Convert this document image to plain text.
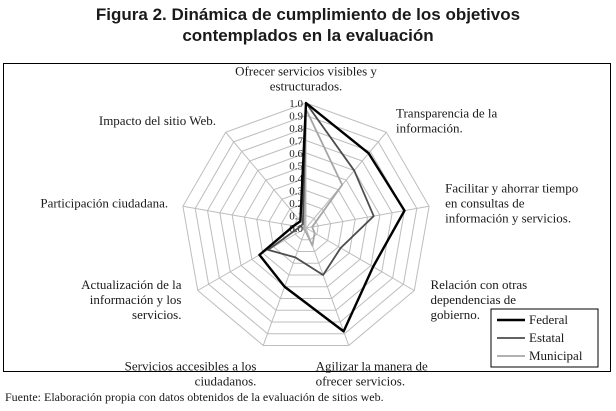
Figura 2. Dinámica de cumplimiento de los objetivos
contemplados en la evaluación
0.0
0.1
0.2
0.3
0.4
0.5
0.6
0.7
0.8
0.9
1.0
Ofrecer servicios visibles y estructurados.
Transparencia de la información.
Facilitar y ahorrar tiempo en consultas de información y servicios.
Relación con otras dependencias de gobierno.
Agilizar la manera de ofrecer servicios.
Servicios accesibles a los ciudadanos.
Actualización de la información y los servicios.
Participación ciudadana.
Impacto del sitio Web.
Federal
Estatal
Municipal
Fuente: Elaboración propia con datos obtenidos de la evaluación de sitios web.
